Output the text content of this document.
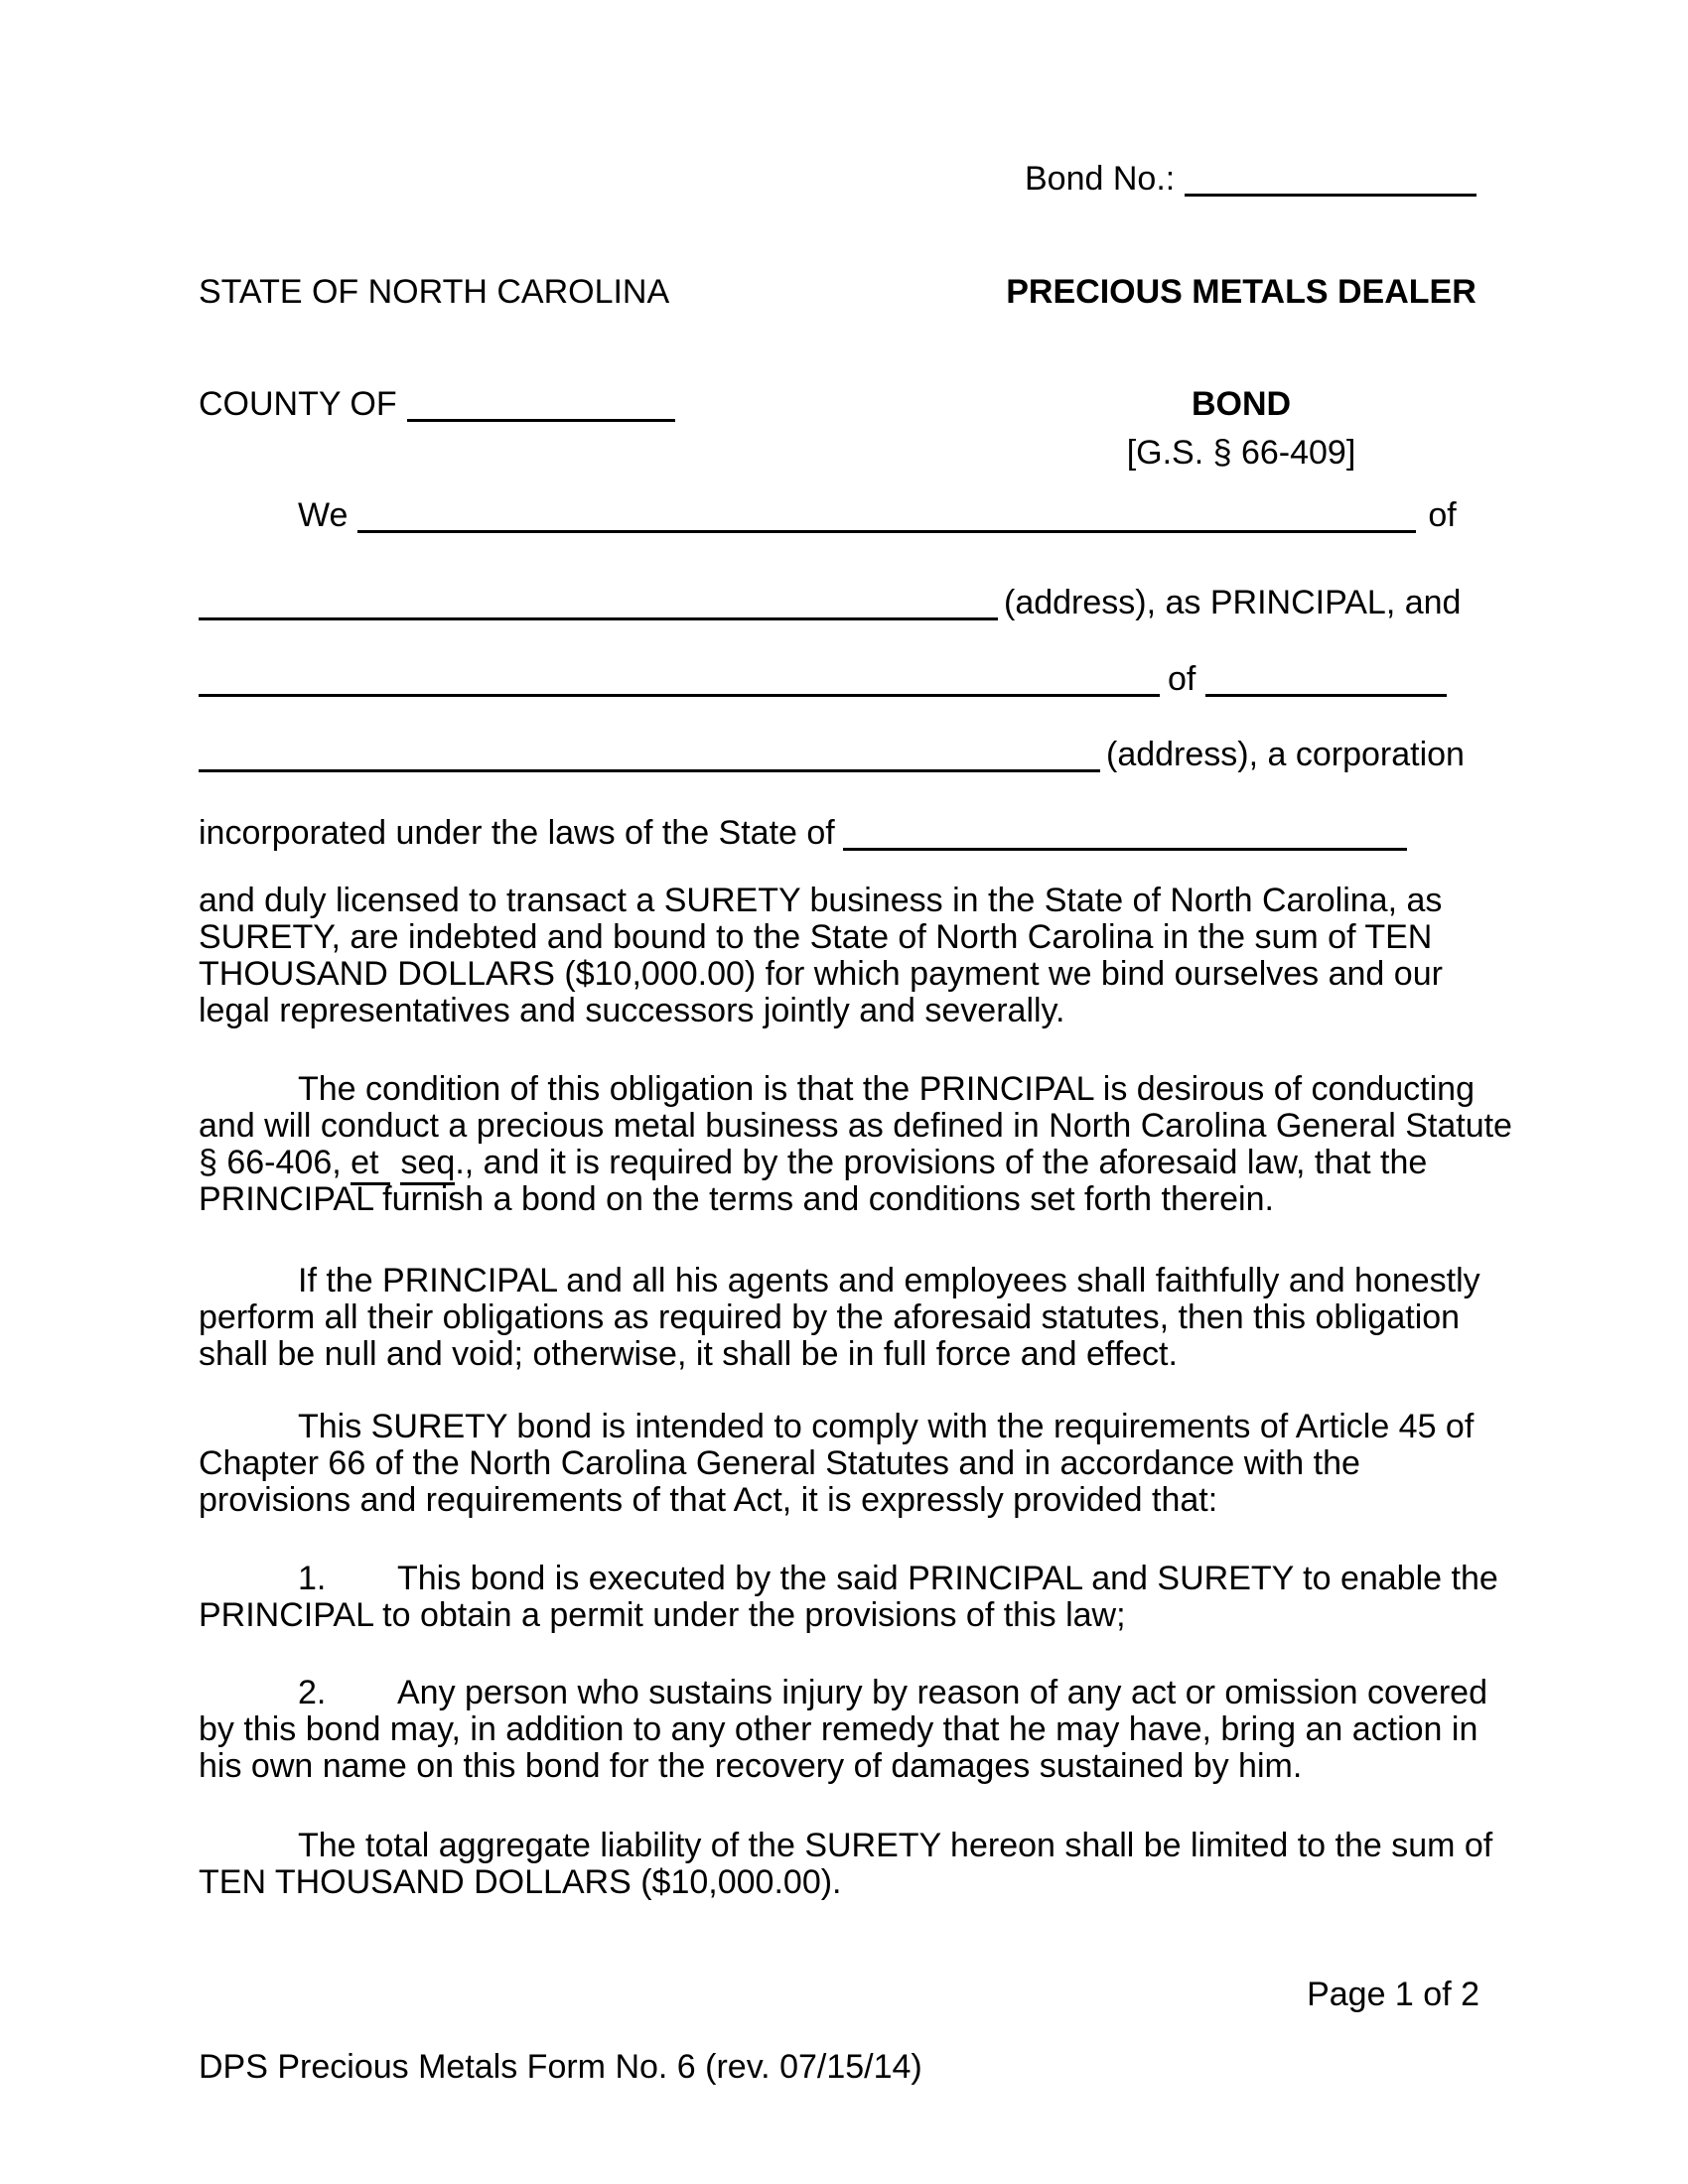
Bond No.:
STATE OF NORTH CAROLINA	PRECIOUS METALS DEALER
COUNTY OF	BOND
[G.S. § 66-409]
We	of
(address), as PRINCIPAL, and
of
(address), a corporation
incorporated under the laws of the State of
and duly licensed to transact a SURETY business in the State of North Carolina, as
SURETY, are indebted and bound to the State of North Carolina in the sum of TEN
THOUSAND DOLLARS ($10,000.00) for which payment we bind ourselves and our
legal representatives and successors jointly and severally.
The condition of this obligation is that the PRINCIPAL is desirous of conducting
and will conduct a precious metal business as defined in North Carolina General Statute
§ 66-406, et seq., and it is required by the provisions of the aforesaid law, that the
PRINCIPAL furnish a bond on the terms and conditions set forth therein.
If the PRINCIPAL and all his agents and employees shall faithfully and honestly
perform all their obligations as required by the aforesaid statutes, then this obligation
shall be null and void; otherwise, it shall be in full force and effect.
This SURETY bond is intended to comply with the requirements of Article 45 of
Chapter 66 of the North Carolina General Statutes and in accordance with the
provisions and requirements of that Act, it is expressly provided that:
1. This bond is executed by the said PRINCIPAL and SURETY to enable the
PRINCIPAL to obtain a permit under the provisions of this law;
2. Any person who sustains injury by reason of any act or omission covered
by this bond may, in addition to any other remedy that he may have, bring an action in
his own name on this bond for the recovery of damages sustained by him.
The total aggregate liability of the SURETY hereon shall be limited to the sum of
TEN THOUSAND DOLLARS ($10,000.00).
Page 1 of 2
DPS Precious Metals Form No. 6 (rev. 07/15/14)
